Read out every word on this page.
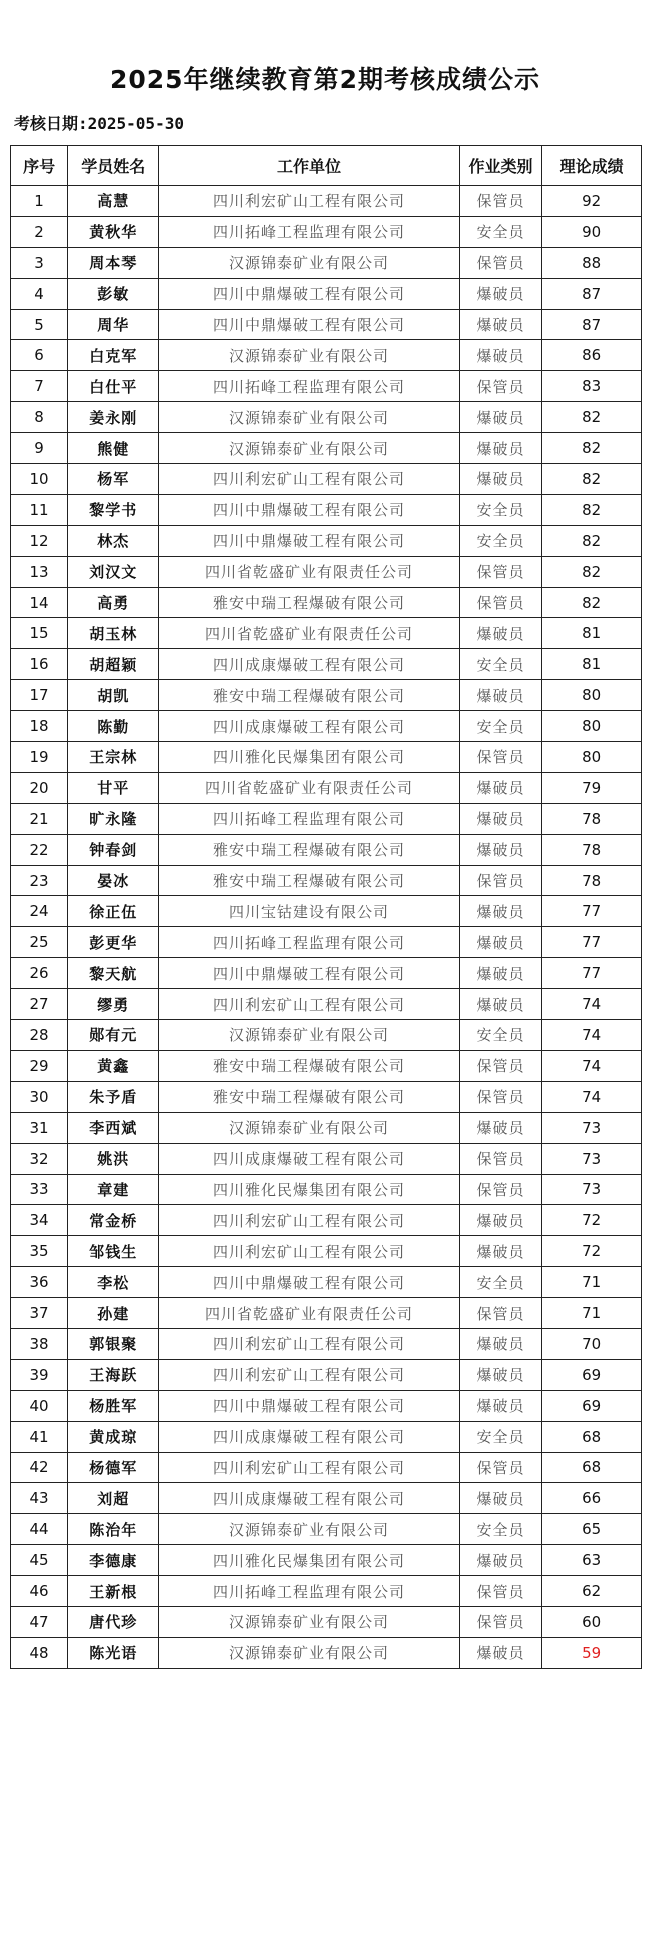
2025年继续教育第2期考核成绩公示
考核日期:2025-05-30
序号	学员姓名	工作单位	作业类别	理论成绩
1	高慧	四川利宏矿山工程有限公司	保管员	92
2	黄秋华	四川拓峰工程监理有限公司	安全员	90
3	周本琴	汉源锦泰矿业有限公司	保管员	88
4	彭敏	四川中鼎爆破工程有限公司	爆破员	87
5	周华	四川中鼎爆破工程有限公司	爆破员	87
6	白克军	汉源锦泰矿业有限公司	爆破员	86
7	白仕平	四川拓峰工程监理有限公司	保管员	83
8	姜永刚	汉源锦泰矿业有限公司	爆破员	82
9	熊健	汉源锦泰矿业有限公司	爆破员	82
10	杨军	四川利宏矿山工程有限公司	爆破员	82
11	黎学书	四川中鼎爆破工程有限公司	安全员	82
12	林杰	四川中鼎爆破工程有限公司	安全员	82
13	刘汉文	四川省乾盛矿业有限责任公司	保管员	82
14	高勇	雅安中瑞工程爆破有限公司	保管员	82
15	胡玉林	四川省乾盛矿业有限责任公司	爆破员	81
16	胡超颖	四川成康爆破工程有限公司	安全员	81
17	胡凯	雅安中瑞工程爆破有限公司	爆破员	80
18	陈勤	四川成康爆破工程有限公司	安全员	80
19	王宗林	四川雅化民爆集团有限公司	保管员	80
20	甘平	四川省乾盛矿业有限责任公司	爆破员	79
21	旷永隆	四川拓峰工程监理有限公司	爆破员	78
22	钟春剑	雅安中瑞工程爆破有限公司	爆破员	78
23	晏冰	雅安中瑞工程爆破有限公司	保管员	78
24	徐正伍	四川宝钴建设有限公司	爆破员	77
25	彭更华	四川拓峰工程监理有限公司	爆破员	77
26	黎天航	四川中鼎爆破工程有限公司	爆破员	77
27	缪勇	四川利宏矿山工程有限公司	爆破员	74
28	郧有元	汉源锦泰矿业有限公司	安全员	74
29	黄鑫	雅安中瑞工程爆破有限公司	保管员	74
30	朱予盾	雅安中瑞工程爆破有限公司	保管员	74
31	李西斌	汉源锦泰矿业有限公司	爆破员	73
32	姚洪	四川成康爆破工程有限公司	保管员	73
33	章建	四川雅化民爆集团有限公司	保管员	73
34	常金桥	四川利宏矿山工程有限公司	爆破员	72
35	邹钱生	四川利宏矿山工程有限公司	爆破员	72
36	李松	四川中鼎爆破工程有限公司	安全员	71
37	孙建	四川省乾盛矿业有限责任公司	保管员	71
38	郭银聚	四川利宏矿山工程有限公司	爆破员	70
39	王海跃	四川利宏矿山工程有限公司	爆破员	69
40	杨胜军	四川中鼎爆破工程有限公司	爆破员	69
41	黄成琼	四川成康爆破工程有限公司	安全员	68
42	杨德军	四川利宏矿山工程有限公司	保管员	68
43	刘超	四川成康爆破工程有限公司	爆破员	66
44	陈治年	汉源锦泰矿业有限公司	安全员	65
45	李德康	四川雅化民爆集团有限公司	爆破员	63
46	王新根	四川拓峰工程监理有限公司	保管员	62
47	唐代珍	汉源锦泰矿业有限公司	保管员	60
48	陈光语	汉源锦泰矿业有限公司	爆破员	59
